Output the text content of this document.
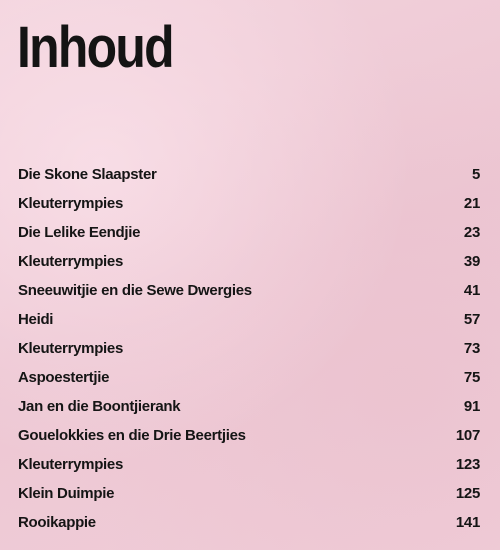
Inhoud
Die Skone Slaapster	5
Kleuterrympies	21
Die Lelike Eendjie	23
Kleuterrympies	39
Sneeuwitjie en die Sewe Dwergies	41
Heidi	57
Kleuterrympies	73
Aspoestertjie	75
Jan en die Boontjierank	91
Gouelokkies en die Drie Beertjies	107
Kleuterrympies	123
Klein Duimpie	125
Rooikappie	141
